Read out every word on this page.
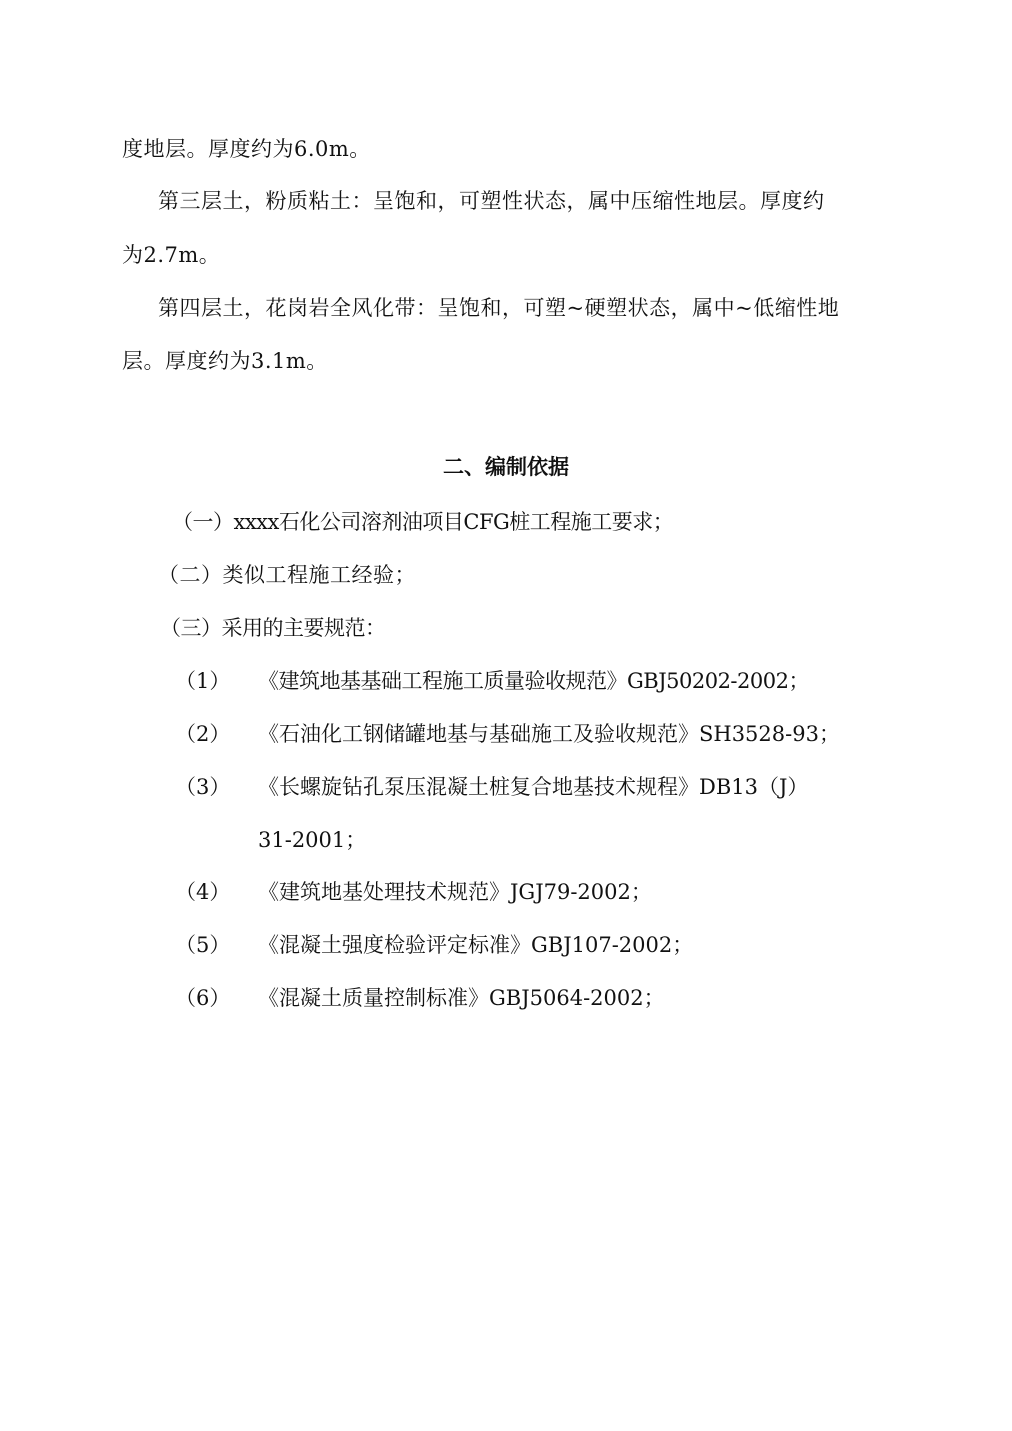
度地层。厚度约为6.0m。
第三层土，粉质粘土：呈饱和，可塑性状态，属中压缩性地层。厚度约
为2.7m。
第四层土，花岗岩全风化带：呈饱和，可塑~硬塑状态，属中~低缩性地
层。厚度约为3.1m。
二、编制依据
（一）xxxx石化公司溶剂油项目CFG桩工程施工要求；
（二）类似工程施工经验；
（三）采用的主要规范：
（1） 《建筑地基基础工程施工质量验收规范》GBJ50202-2002；
（2） 《石油化工钢储罐地基与基础施工及验收规范》SH3528-93；
（3） 《长螺旋钻孔泵压混凝土桩复合地基技术规程》DB13（J）
31-2001；
（4） 《建筑地基处理技术规范》JGJ79-2002；
（5） 《混凝土强度检验评定标准》GBJ107-2002；
（6） 《混凝土质量控制标准》GBJ5064-2002；
